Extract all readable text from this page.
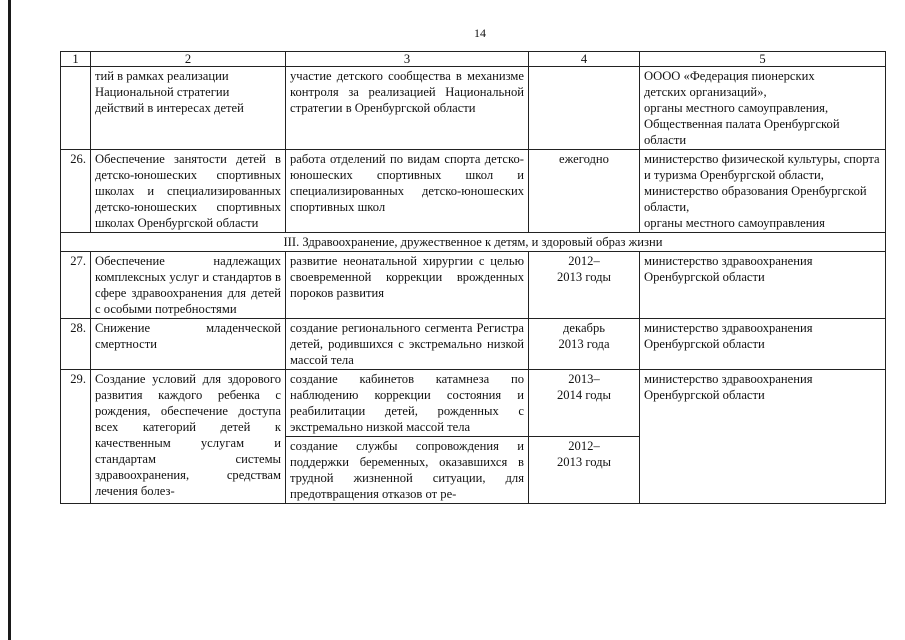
14
1	2	3	4	5
	тий в рамках реализации
Национальной стратегии
действий в интересах детей	участие детского сообщества в механизме контроля за реализацией Национальной стратегии в Оренбургской области		ОООО «Федерация пионерских
детских организаций»,
органы местного самоуправления,
Общественная палата Оренбургской области
26.	Обеспечение занятости детей в детско-юношеских спортивных школах и специализированных детско-юношеских спортивных школах Оренбургской области	работа отделений по видам спорта детско-юношеских спортивных школ и специализированных детско-юношеских спортивных школ	ежегодно	министерство физической культуры, спорта и туризма Оренбургской области,
министерство образования Оренбургской области,
органы местного самоуправления
III. Здравоохранение, дружественное к детям, и здоровый образ жизни				
27.	Обеспечение надлежащих комплексных услуг и стандартов в сфере здравоохранения для детей с особыми потребностями	развитие неонатальной хирургии с целью своевременной коррекции врожденных пороков развития	2012–
2013 годы	министерство здравоохранения
Оренбургской области
28.	Снижение младенческой смертности	создание регионального сегмента Регистра детей, родившихся с экстремально низкой массой тела	декабрь
2013 года	министерство здравоохранения
Оренбургской области
29.	Создание условий для здорового развития каждого ребенка с рождения, обеспечение доступа всех категорий детей к качественным услугам и стандартам системы здравоохранения, средствам лечения болез-	создание кабинетов катамнеза по наблюдению коррекции состояния и реабилитации детей, рожденных с экстремально низкой массой тела	2013–
2014 годы	министерство здравоохранения
Оренбургской области
		создание службы сопровождения и поддержки беременных, оказавшихся в трудной жизненной ситуации, для предотвращения отказов от ре-	2012–
2013 годы	
